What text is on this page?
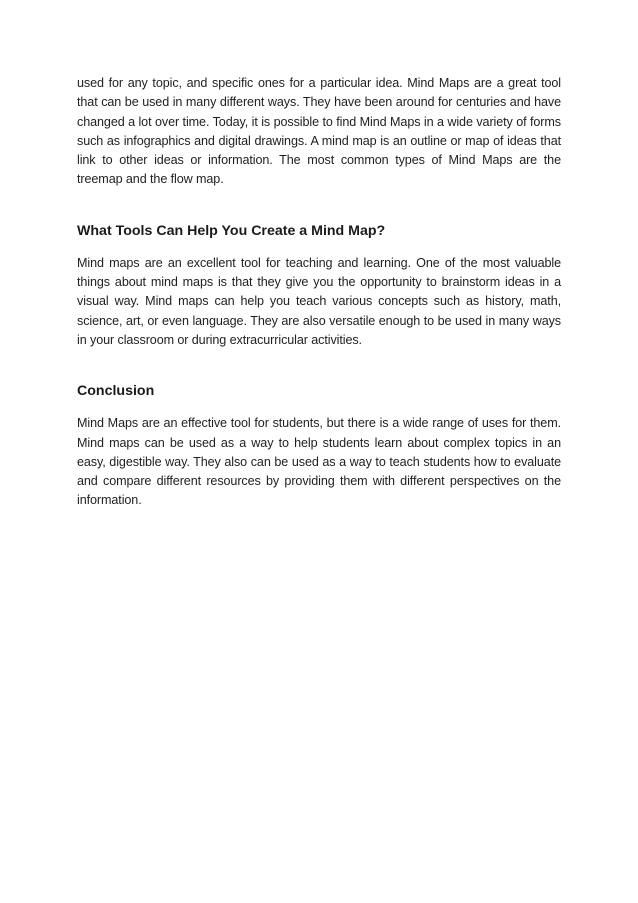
used for any topic, and specific ones for a particular idea. Mind Maps are a great tool that can be used in many different ways. They have been around for centuries and have changed a lot over time. Today, it is possible to find Mind Maps in a wide variety of forms such as infographics and digital drawings. A mind map is an outline or map of ideas that link to other ideas or information. The most common types of Mind Maps are the treemap and the flow map.

What Tools Can Help You Create a Mind Map?

Mind maps are an excellent tool for teaching and learning. One of the most valuable things about mind maps is that they give you the opportunity to brainstorm ideas in a visual way. Mind maps can help you teach various concepts such as history, math, science, art, or even language. They are also versatile enough to be used in many ways in your classroom or during extracurricular activities.

Conclusion

Mind Maps are an effective tool for students, but there is a wide range of uses for them. Mind maps can be used as a way to help students learn about complex topics in an easy, digestible way. They also can be used as a way to teach students how to evaluate and compare different resources by providing them with different perspectives on the information.
